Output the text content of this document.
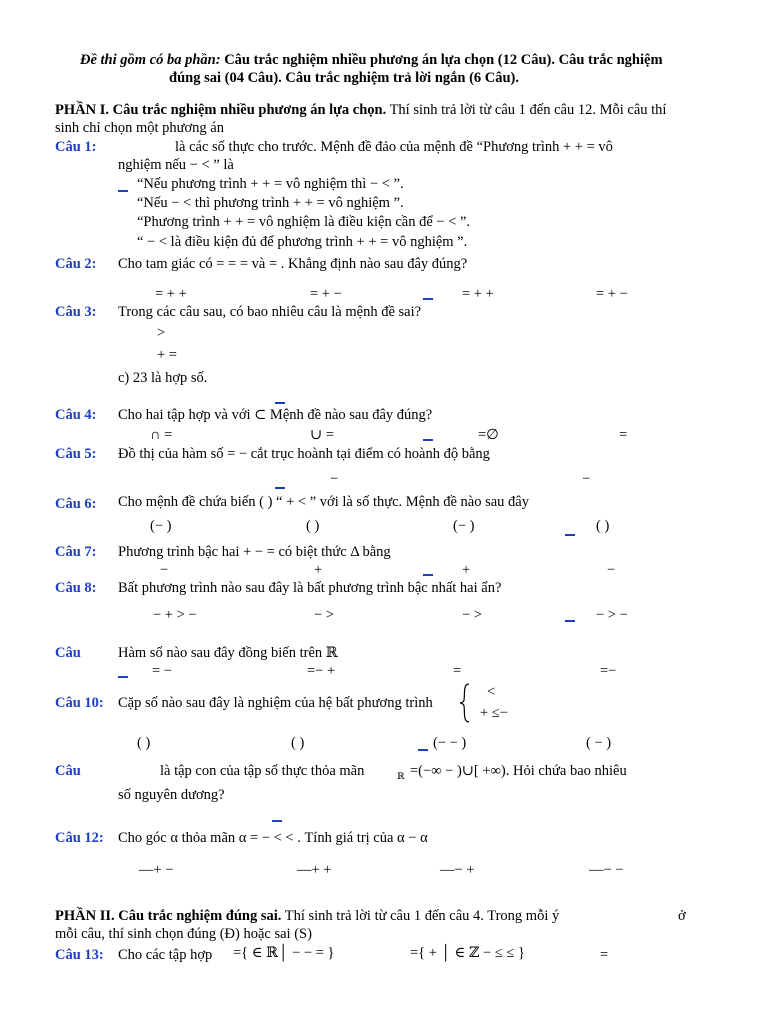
Đề thi gồm có ba phần: Câu trắc nghiệm nhiều phương án lựa chọn (12 Câu). Câu trắc nghiệm
đúng sai (04 Câu). Câu trắc nghiệm trả lời ngắn (6 Câu).
PHẦN I. Câu trắc nghiệm nhiều phương án lựa chọn. Thí sinh trả lời từ câu 1 đến câu 12. Mỗi câu thí
sinh chỉ chọn một phương án
Câu 1:	là các số thực cho trước. Mệnh đề đảo của mệnh đề “Phương trình + + = vô
nghiệm nếu − < ” là
“Nếu phương trình + + = vô nghiệm thì − < ”.
“Nếu − < thì phương trình + + = vô nghiệm ”.
“Phương trình + + = vô nghiệm là điều kiện cần để − < ”.
“ − < là điều kiện đủ để phương trình + + = vô nghiệm ”.
Câu 2: Cho tam giác có = = = và = . Khẳng định nào sau đây đúng?
= + +	= + −	= + +	= + −
Câu 3: Trong các câu sau, có bao nhiêu câu là mệnh đề sai?
>
+ =
c) 23 là hợp số.
Câu 4: Cho hai tập hợp và với ⊂ Mệnh đề nào sau đây đúng?
∩ =	∪ =	=∅	=
Câu 5: Đồ thị của hàm số = − cắt trục hoành tại điểm có hoành độ bằng
−	−
Câu 6: Cho mệnh đề chứa biến ( ) “ + < ” với là số thực. Mệnh đề nào sau đây
(− )	( )	(− )	( )
Câu 7: Phương trình bậc hai + − = có biệt thức Δ bằng
−	+	+	−
Câu 8: Bất phương trình nào sau đây là bất phương trình bậc nhất hai ẩn?
− + > −	− >	− >	− > −
Câu	Hàm số nào sau đây đồng biến trên ℝ
= −	=− +	=	=−
Câu 10: Cặp số nào sau đây là nghiệm của hệ bất phương trình
<
+ ≤−
( )	( )	(− − )	( − )
Câu	là tập con của tập số thực thỏa mãn	ℝ =(−∞ − )∪[ +∞). Hỏi chứa bao nhiêu
số nguyên dương?
Câu 12: Cho góc α thỏa mãn α = − < < . Tính giá trị của α − α
—+ −	—+ +	—− +	—− −
PHẦN II. Câu trắc nghiệm đúng sai. Thí sinh trả lời từ câu 1 đến câu 4. Trong mỗi ý	ở
mỗi câu, thí sinh chọn đúng (Đ) hoặc sai (S)
Câu 13: Cho các tập hợp ={ ∈ ℝ│ − − = }	={ + │ ∈ ℤ − ≤ ≤ }	=
